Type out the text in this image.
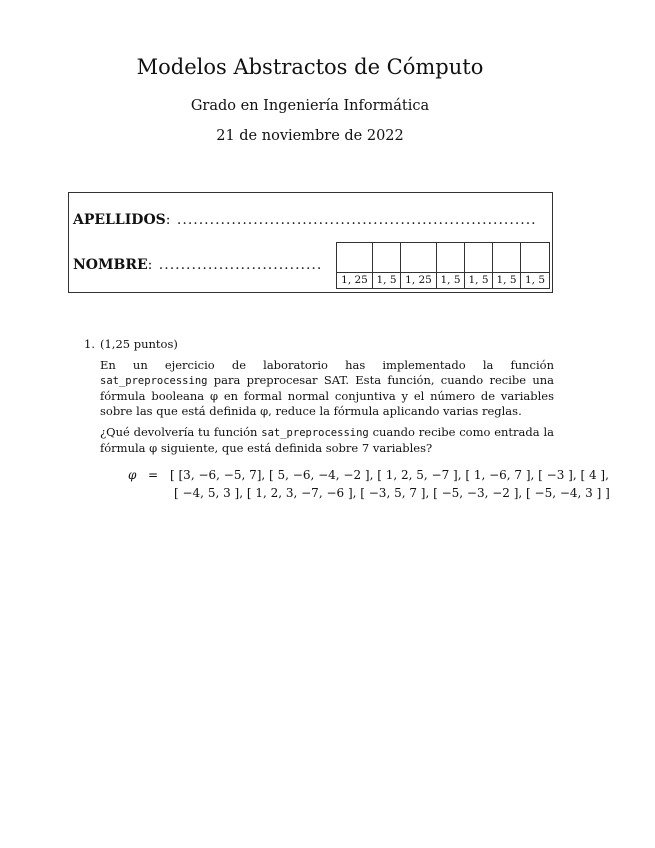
Modelos Abstractos de Cómputo
Grado en Ingeniería Informática
21 de noviembre de 2022
APELLIDOS: ..................................................................
NOMBRE: ..............................

1, 25	1, 5	1, 25	1, 5	1, 5	1, 5	1, 5
1. (1,25 puntos)

En un ejercicio de laboratorio has implementado la función sat_preprocessing para preprocesar SAT. Esta función, cuando recibe una fórmula booleana φ en formal normal conjuntiva y el número de variables sobre las que está definida φ, reduce la fórmula aplicando varias reglas.

¿Qué devolvería tu función sat_preprocessing cuando recibe como entrada la fórmula φ siguiente, que está definida sobre 7 variables?

φ = [ [3, −6, −5, 7], [ 5, −6, −4, −2 ], [ 1, 2, 5, −7 ], [ 1, −6, 7 ], [ −3 ], [ 4 ],
[ −4, 5, 3 ], [ 1, 2, 3, −7, −6 ], [ −3, 5, 7 ], [ −5, −3, −2 ], [ −5, −4, 3 ] ]
